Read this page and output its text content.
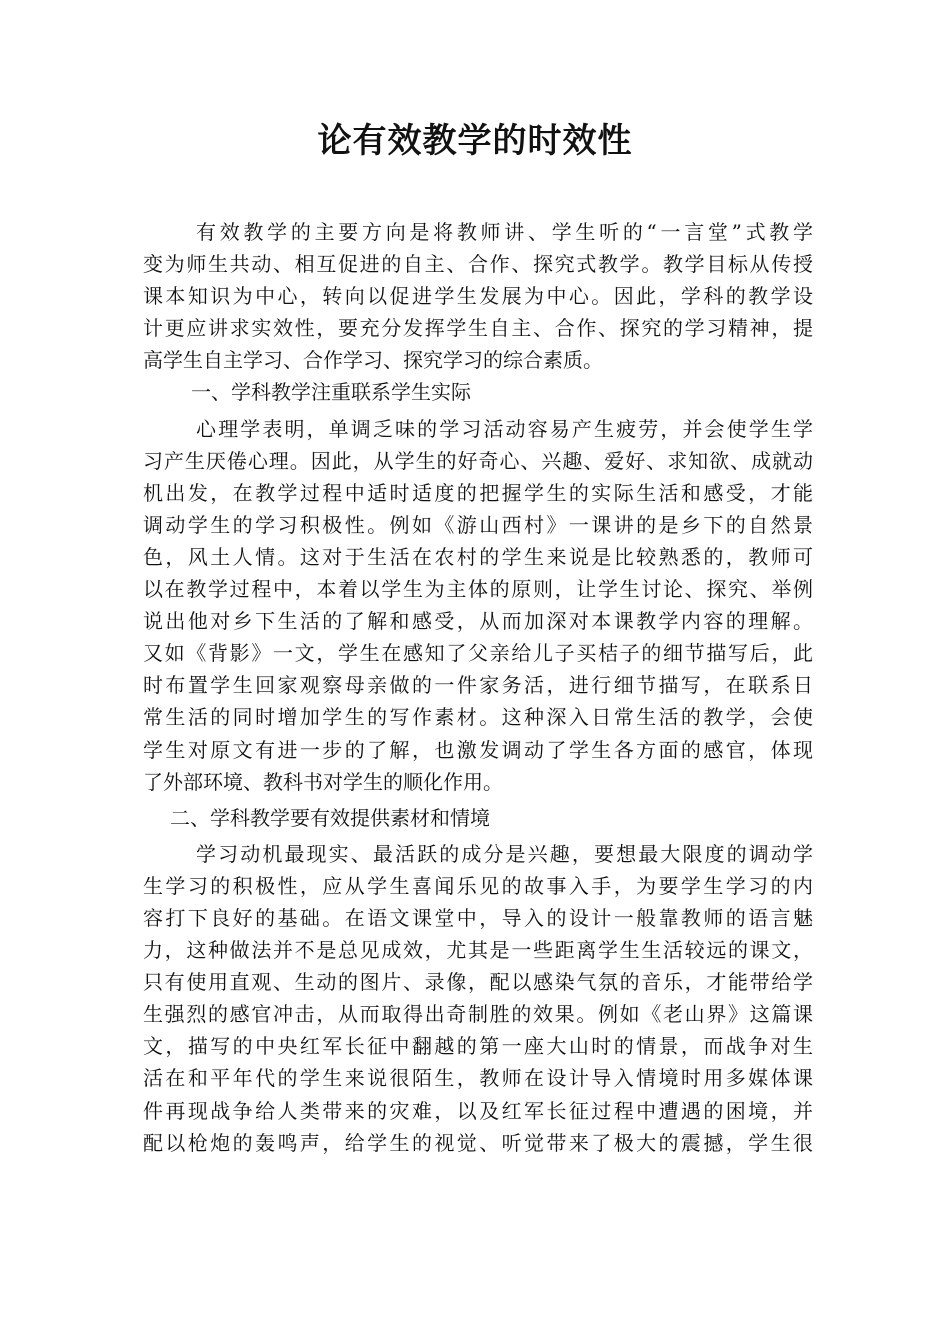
论有效教学的时效性
有效教学的主要方向是将教师讲、学生听的“一言堂”式教学
变为师生共动、相互促进的自主、合作、探究式教学。教学目标从传授
课本知识为中心，转向以促进学生发展为中心。因此，学科的教学设
计更应讲求实效性，要充分发挥学生自主、合作、探究的学习精神，提
高学生自主学习、合作学习、探究学习的综合素质。
一、学科教学注重联系学生实际
心理学表明，单调乏味的学习活动容易产生疲劳，并会使学生学
习产生厌倦心理。因此，从学生的好奇心、兴趣、爱好、求知欲、成就动
机出发，在教学过程中适时适度的把握学生的实际生活和感受，才能
调动学生的学习积极性。例如《游山西村》一课讲的是乡下的自然景
色，风土人情。这对于生活在农村的学生来说是比较熟悉的，教师可
以在教学过程中，本着以学生为主体的原则，让学生讨论、探究、举例
说出他对乡下生活的了解和感受，从而加深对本课教学内容的理解。
又如《背影》一文，学生在感知了父亲给儿子买桔子的细节描写后，此
时布置学生回家观察母亲做的一件家务活，进行细节描写，在联系日
常生活的同时增加学生的写作素材。这种深入日常生活的教学，会使
学生对原文有进一步的了解，也激发调动了学生各方面的感官，体现
了外部环境、教科书对学生的顺化作用。
二、学科教学要有效提供素材和情境
学习动机最现实、最活跃的成分是兴趣，要想最大限度的调动学
生学习的积极性，应从学生喜闻乐见的故事入手，为要学生学习的内
容打下良好的基础。在语文课堂中，导入的设计一般靠教师的语言魅
力，这种做法并不是总见成效，尤其是一些距离学生生活较远的课文，
只有使用直观、生动的图片、录像，配以感染气氛的音乐，才能带给学
生强烈的感官冲击，从而取得出奇制胜的效果。例如《老山界》这篇课
文，描写的中央红军长征中翻越的第一座大山时的情景，而战争对生
活在和平年代的学生来说很陌生，教师在设计导入情境时用多媒体课
件再现战争给人类带来的灾难，以及红军长征过程中遭遇的困境，并
配以枪炮的轰鸣声，给学生的视觉、听觉带来了极大的震撼，学生很
